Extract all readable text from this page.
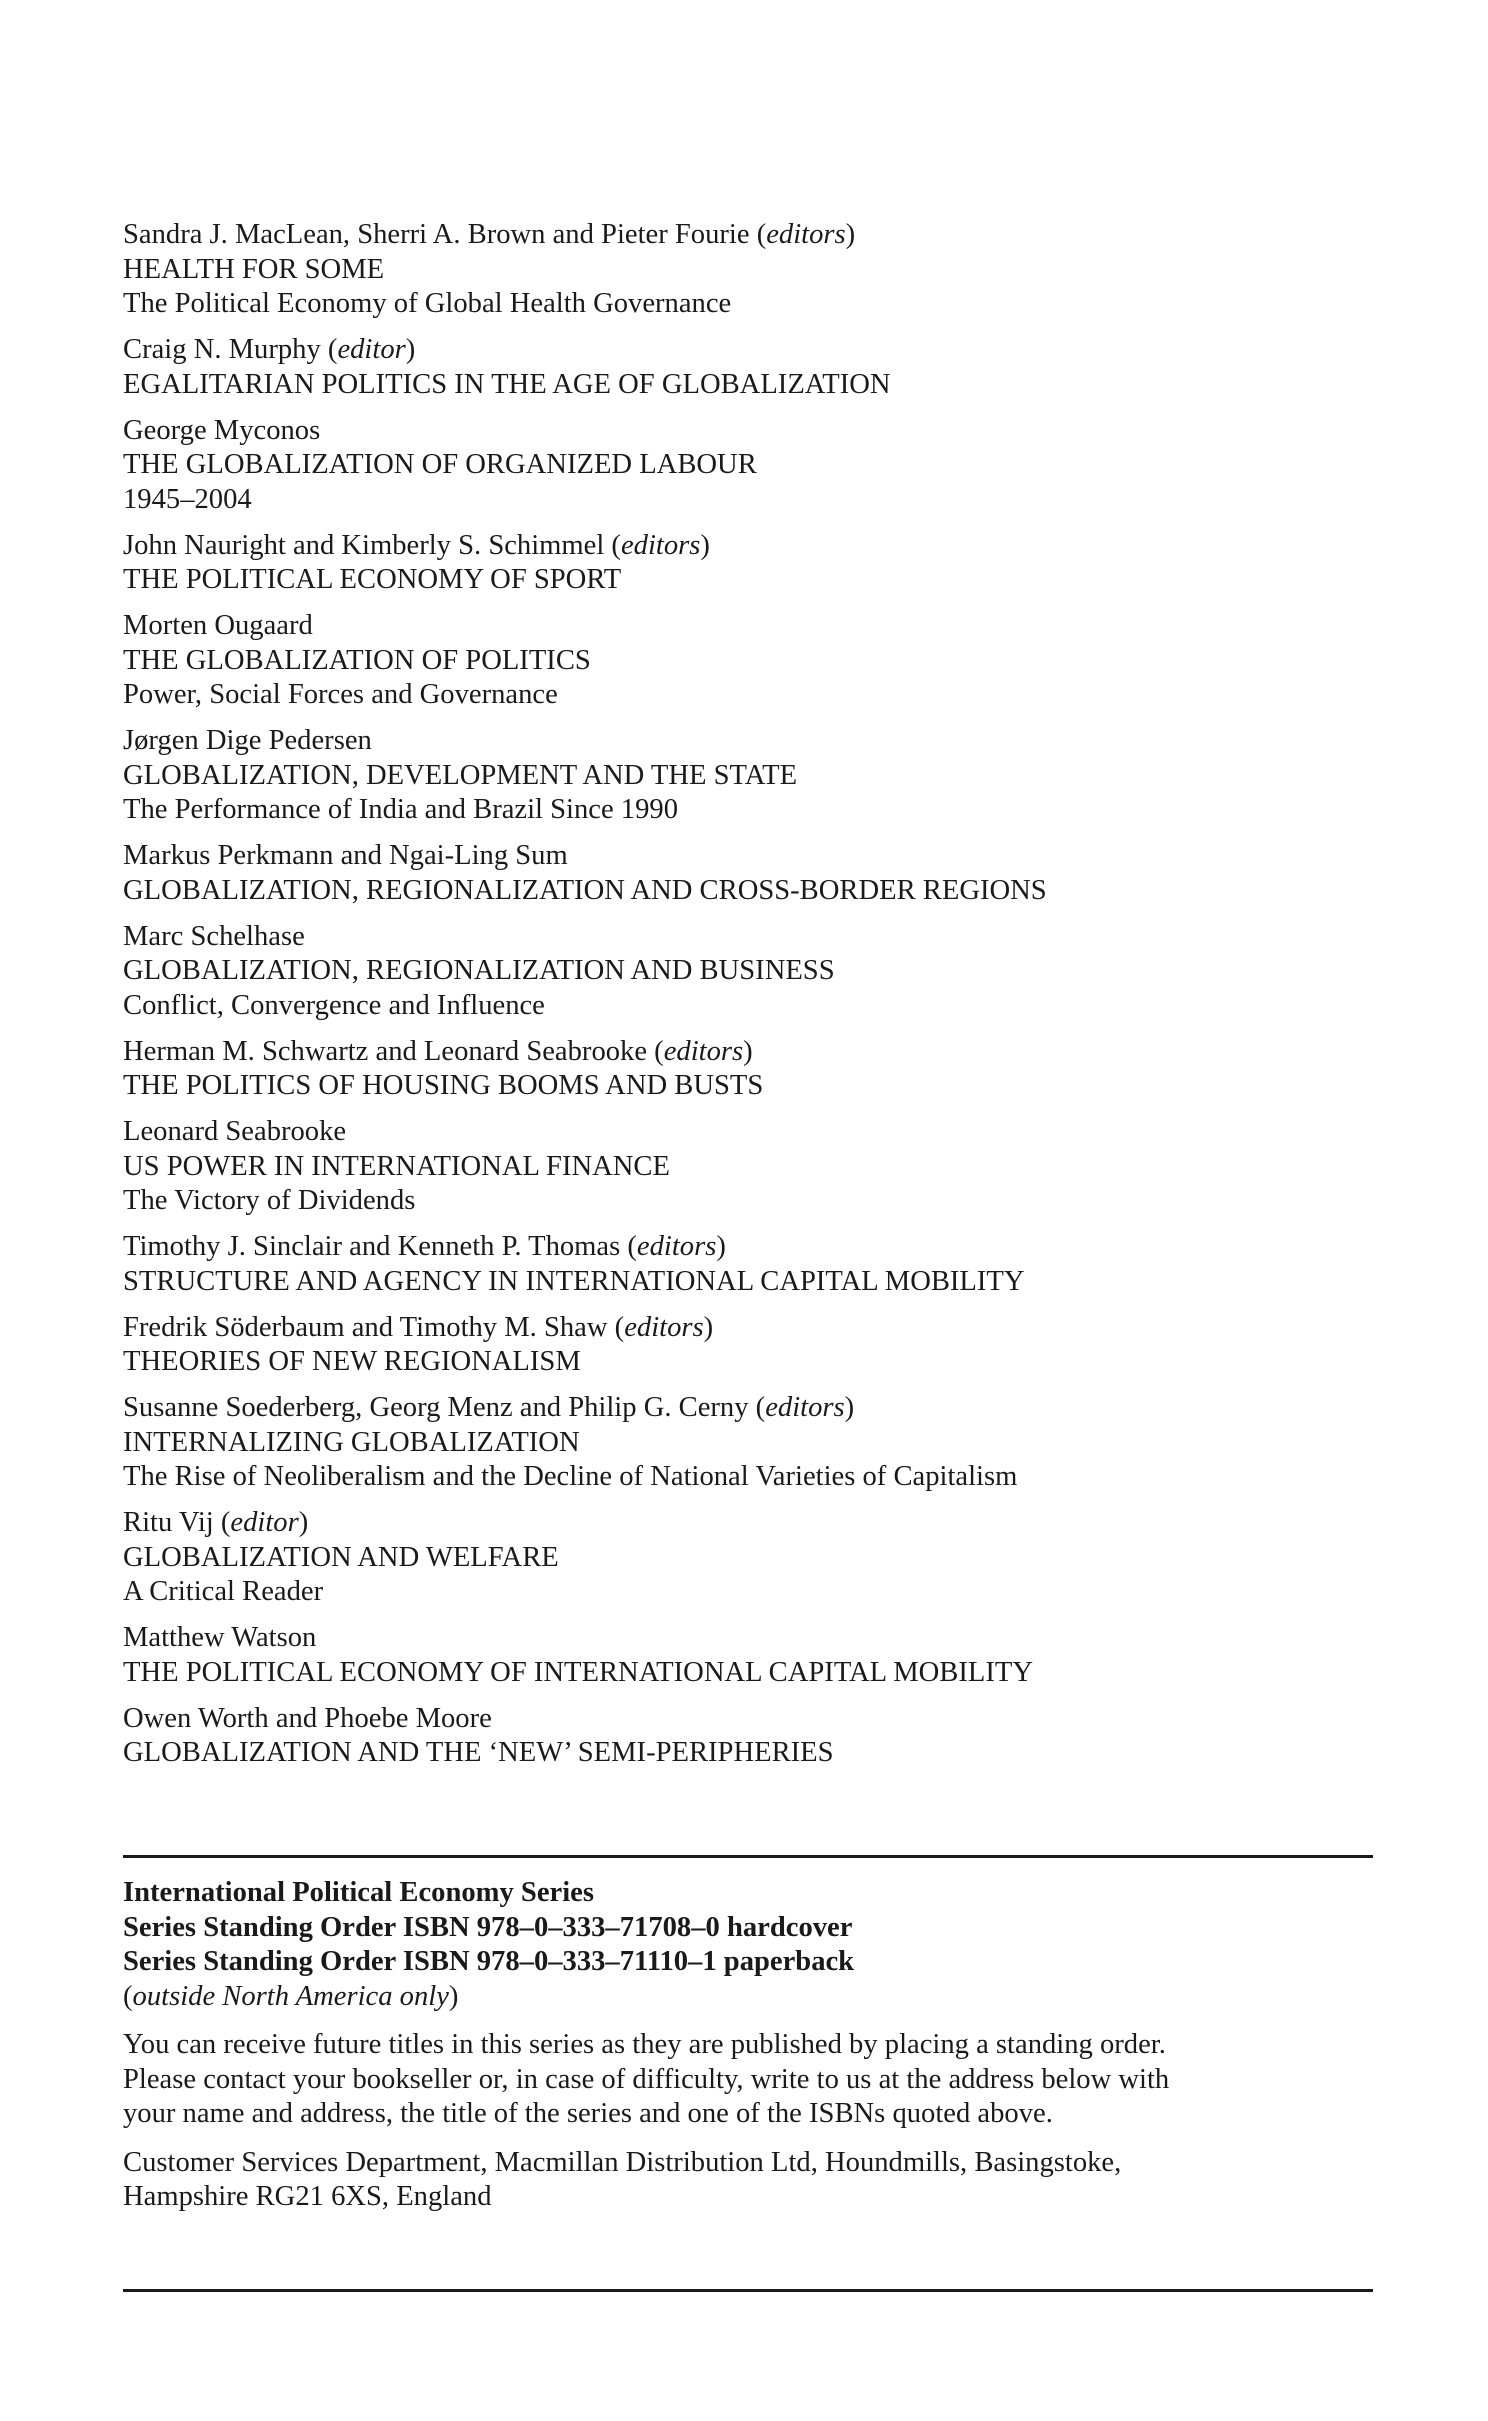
Sandra J. MacLean, Sherri A. Brown and Pieter Fourie (editors)
HEALTH FOR SOME
The Political Economy of Global Health Governance
Craig N. Murphy (editor)
EGALITARIAN POLITICS IN THE AGE OF GLOBALIZATION
George Myconos
THE GLOBALIZATION OF ORGANIZED LABOUR
1945–2004
John Nauright and Kimberly S. Schimmel (editors)
THE POLITICAL ECONOMY OF SPORT
Morten Ougaard
THE GLOBALIZATION OF POLITICS
Power, Social Forces and Governance
Jørgen Dige Pedersen
GLOBALIZATION, DEVELOPMENT AND THE STATE
The Performance of India and Brazil Since 1990
Markus Perkmann and Ngai-Ling Sum
GLOBALIZATION, REGIONALIZATION AND CROSS-BORDER REGIONS
Marc Schelhase
GLOBALIZATION, REGIONALIZATION AND BUSINESS
Conflict, Convergence and Influence
Herman M. Schwartz and Leonard Seabrooke (editors)
THE POLITICS OF HOUSING BOOMS AND BUSTS
Leonard Seabrooke
US POWER IN INTERNATIONAL FINANCE
The Victory of Dividends
Timothy J. Sinclair and Kenneth P. Thomas (editors)
STRUCTURE AND AGENCY IN INTERNATIONAL CAPITAL MOBILITY
Fredrik Söderbaum and Timothy M. Shaw (editors)
THEORIES OF NEW REGIONALISM
Susanne Soederberg, Georg Menz and Philip G. Cerny (editors)
INTERNALIZING GLOBALIZATION
The Rise of Neoliberalism and the Decline of National Varieties of Capitalism
Ritu Vij (editor)
GLOBALIZATION AND WELFARE
A Critical Reader
Matthew Watson
THE POLITICAL ECONOMY OF INTERNATIONAL CAPITAL MOBILITY
Owen Worth and Phoebe Moore
GLOBALIZATION AND THE ‘NEW’ SEMI-PERIPHERIES
International Political Economy Series
Series Standing Order ISBN 978–0–333–71708–0 hardcover
Series Standing Order ISBN 978–0–333–71110–1 paperback
(outside North America only)
You can receive future titles in this series as they are published by placing a standing order.
Please contact your bookseller or, in case of difficulty, write to us at the address below with
your name and address, the title of the series and one of the ISBNs quoted above.
Customer Services Department, Macmillan Distribution Ltd, Houndmills, Basingstoke,
Hampshire RG21 6XS, England
